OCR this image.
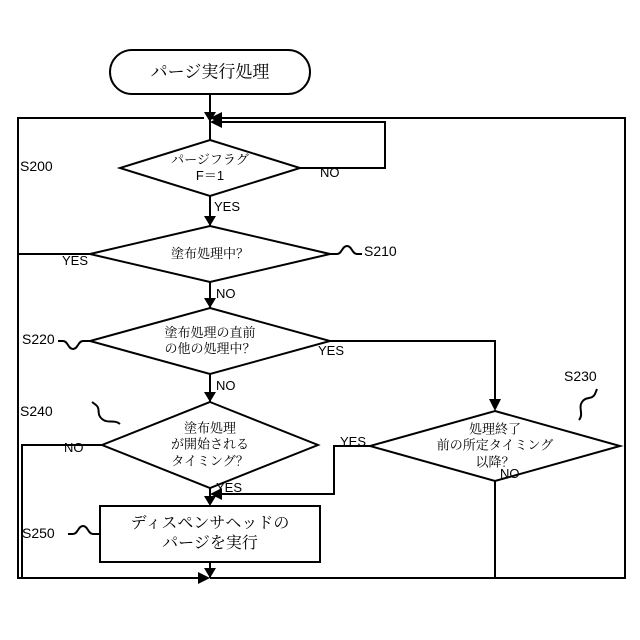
パージ実行処理
パージフラグ
F＝1
塗布処理中？
塗布処理の直前
の他の処理中？
処理終了
前の所定タイミング
以降？
塗布処理
が開始される
タイミング？
ディスペンサヘッドの
パージを実行
S200
S210
S220
S230
S240
S250
NO
YES
YES
NO
YES
NO
YES
NO
NO
YES
